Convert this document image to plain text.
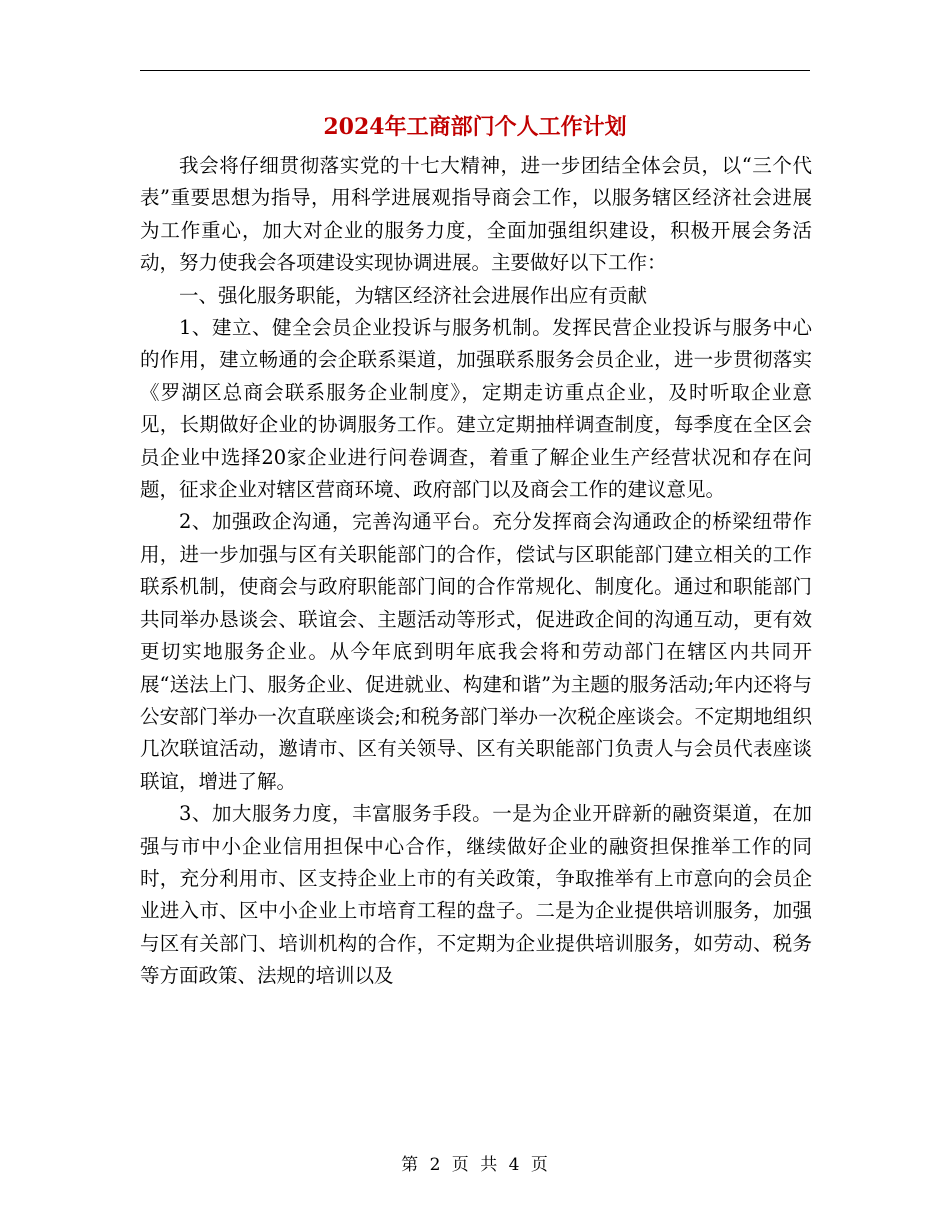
2024年工商部门个人工作计划

我会将仔细贯彻落实党的十七大精神，进一步团结全体会员，以“三个代表”重要思想为指导，用科学进展观指导商会工作，以服务辖区经济社会进展为工作重心，加大对企业的服务力度，全面加强组织建设，积极开展会务活动，努力使我会各项建设实现协调进展。主要做好以下工作：

一、强化服务职能，为辖区经济社会进展作出应有贡献

1、建立、健全会员企业投诉与服务机制。发挥民营企业投诉与服务中心的作用，建立畅通的会企联系渠道，加强联系服务会员企业，进一步贯彻落实《罗湖区总商会联系服务企业制度》，定期走访重点企业，及时听取企业意见，长期做好企业的协调服务工作。建立定期抽样调查制度，每季度在全区会员企业中选择20家企业进行问卷调查，着重了解企业生产经营状况和存在问题，征求企业对辖区营商环境、政府部门以及商会工作的建议意见。

2、加强政企沟通，完善沟通平台。充分发挥商会沟通政企的桥梁纽带作用，进一步加强与区有关职能部门的合作，偿试与区职能部门建立相关的工作联系机制，使商会与政府职能部门间的合作常规化、制度化。通过和职能部门共同举办恳谈会、联谊会、主题活动等形式，促进政企间的沟通互动，更有效更切实地服务企业。从今年底到明年底我会将和劳动部门在辖区内共同开展“送法上门、服务企业、促进就业、构建和谐”为主题的服务活动;年内还将与公安部门举办一次直联座谈会;和税务部门举办一次税企座谈会。不定期地组织几次联谊活动，邀请市、区有关领导、区有关职能部门负责人与会员代表座谈联谊，增进了解。

3、加大服务力度，丰富服务手段。一是为企业开辟新的融资渠道，在加强与市中小企业信用担保中心合作，继续做好企业的融资担保推举工作的同时，充分利用市、区支持企业上市的有关政策，争取推举有上市意向的会员企业进入市、区中小企业上市培育工程的盘子。二是为企业提供培训服务，加强与区有关部门、培训机构的合作，不定期为企业提供培训服务，如劳动、税务等方面政策、法规的培训以及

第 2 页 共 4 页
